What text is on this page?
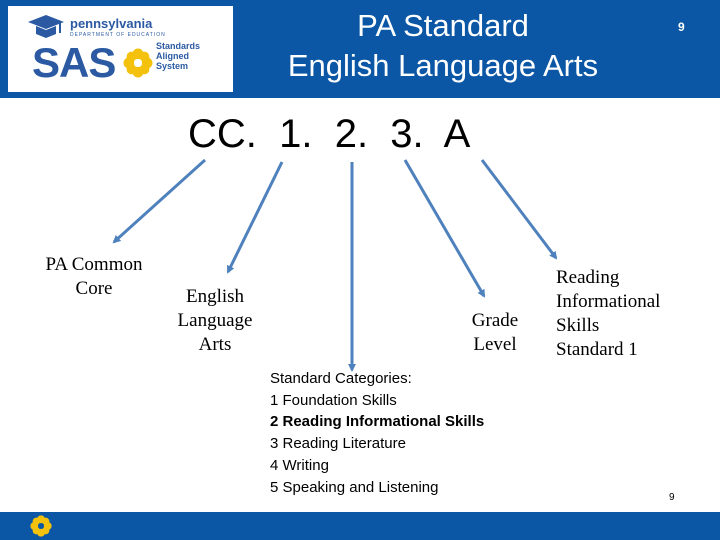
pennsylvania
DEPARTMENT OF EDUCATION
SAS	Standards
Aligned
System
PA Standard
English Language Arts
9
CC.  1.  2.  3.  A
PA Common
Core	English
Language
Arts
Grade
Level
Reading
Informational
Skills
Standard 1
Standard Categories:
1 Foundation Skills
2 Reading Informational Skills
3 Reading Literature
4 Writing
5 Speaking and Listening
9
